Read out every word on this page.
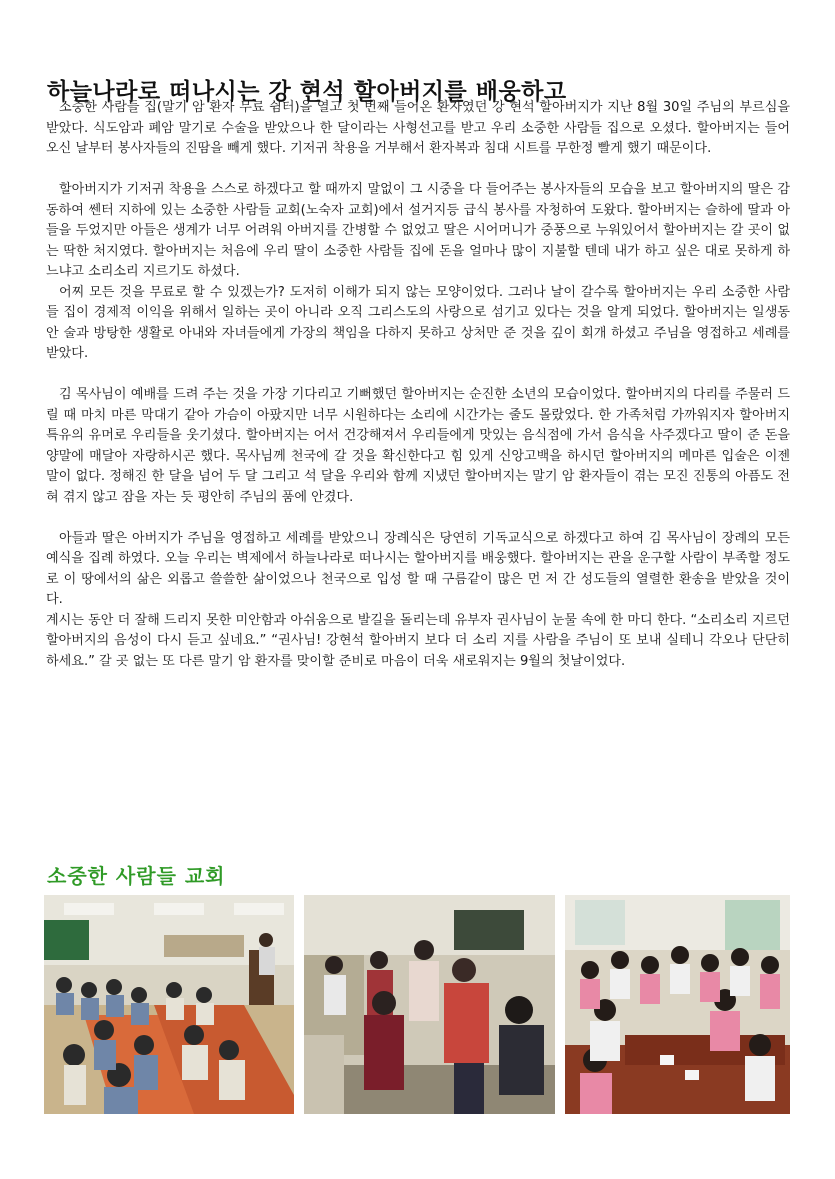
하늘나라로 떠나시는 강 현석 할아버지를 배웅하고

소중한 사람들 집(말기 암 환자 무료 쉼터)을 열고 첫 번째 들어온 환자였던 강 현석 할아버지가 지난 8월 30일 주님의 부르심을 받았다. 식도암과 폐암 말기로 수술을 받았으나 한 달이라는 사형선고를 받고 우리 소중한 사람들 집으로 오셨다. 할아버지는 들어오신 날부터 봉사자들의 진땀을 빼게 했다. 기저귀 착용을 거부해서 환자복과 침대 시트를 무한정 빨게 했기 때문이다.

할아버지가 기저귀 착용을 스스로 하겠다고 할 때까지 말없이 그 시중을 다 들어주는 봉사자들의 모습을 보고 할아버지의 딸은 감동하여 쎈터 지하에 있는 소중한 사람들 교회(노숙자 교회)에서 설거지등 급식 봉사를 자청하여 도왔다. 할아버지는 슬하에 딸과 아들을 두었지만 아들은 생계가 너무 어려워 아버지를 간병할 수 없었고 딸은 시어머니가 중풍으로 누워있어서 할아버지는 갈 곳이 없는 딱한 처지였다. 할아버지는 처음에 우리 딸이 소중한 사람들 집에 돈을 얼마나 많이 지불할 텐데 내가 하고 싶은 대로 못하게 하느냐고 소리소리 지르기도 하셨다.

어찌 모든 것을 무료로 할 수 있겠는가? 도저히 이해가 되지 않는 모양이었다. 그러나 날이 갈수록 할아버지는 우리 소중한 사람들 집이 경제적 이익을 위해서 일하는 곳이 아니라 오직 그리스도의 사랑으로 섬기고 있다는 것을 알게 되었다. 할아버지는 일생동안 술과 방탕한 생활로 아내와 자녀들에게 가장의 책임을 다하지 못하고 상처만 준 것을 깊이 회개 하셨고 주님을 영접하고 세례를 받았다.

김 목사님이 예배를 드려 주는 것을 가장 기다리고 기뻐했던 할아버지는 순진한 소년의 모습이었다. 할아버지의 다리를 주물러 드릴 때 마치 마른 막대기 같아 가슴이 아팠지만 너무 시원하다는 소리에 시간가는 줄도 몰랐었다. 한 가족처럼 가까워지자 할아버지 특유의 유머로 우리들을 웃기셨다. 할아버지는 어서 건강해져서 우리들에게 맛있는 음식점에 가서 음식을 사주겠다고 딸이 준 돈을 양말에 매달아 자랑하시곤 했다. 목사님께 천국에 갈 것을 확신한다고 힘 있게 신앙고백을 하시던 할아버지의 메마른 입술은 이젠 말이 없다. 정해진 한 달을 넘어 두 달 그리고 석 달을 우리와 함께 지냈던 할아버지는 말기 암 환자들이 겪는 모진 진통의 아픔도 전혀 겪지 않고 잠을 자는 듯 평안히 주님의 품에 안겼다.

아들과 딸은 아버지가 주님을 영접하고 세례를 받았으니 장례식은 당연히 기독교식으로 하겠다고 하여 김 목사님이 장례의 모든 예식을 집례 하였다. 오늘 우리는 벽제에서 하늘나라로 떠나시는 할아버지를 배웅했다. 할아버지는 관을 운구할 사람이 부족할 정도로 이 땅에서의 삶은 외롭고 쓸쓸한 삶이었으나 천국으로 입성 할 때 구름같이 많은 먼 저 간 성도들의 열렬한 환송을 받았을 것이다.

계시는 동안 더 잘해 드리지 못한 미안함과 아쉬움으로 발길을 돌리는데 유부자 권사님이 눈물 속에 한 마디 한다. “소리소리 지르던 할아버지의 음성이 다시 듣고 싶네요.” “권사님! 강현석 할아버지 보다 더 소리 지를 사람을 주님이 또 보내 실테니 각오나 단단히 하세요.” 갈 곳 없는 또 다른 말기 암 환자를 맞이할 준비로 마음이 더욱 새로워지는 9월의 첫날이었다.

소중한 사람들 교회
